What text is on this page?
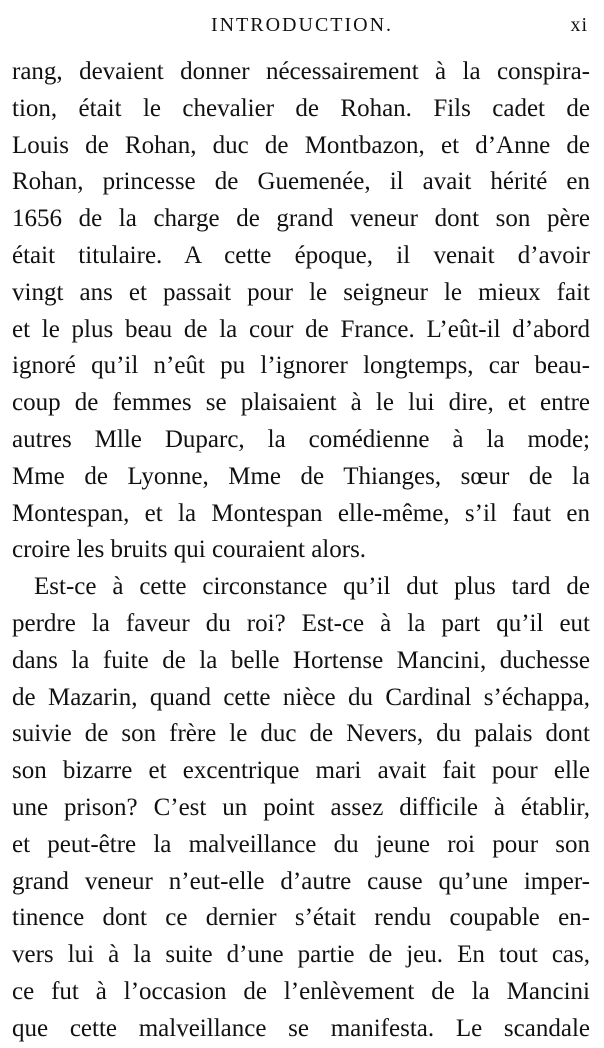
INTRODUCTION.	xi
rang, devaient donner nécessairement à la conspira-
tion, était le chevalier de Rohan. Fils cadet de
Louis de Rohan, duc de Montbazon, et d’Anne de
Rohan, princesse de Guemenée, il avait hérité en
1656 de la charge de grand veneur dont son père
était titulaire. A cette époque, il venait d’avoir
vingt ans et passait pour le seigneur le mieux fait
et le plus beau de la cour de France. L’eût-il d’abord
ignoré qu’il n’eût pu l’ignorer longtemps, car beau-
coup de femmes se plaisaient à le lui dire, et entre
autres Mlle Duparc, la comédienne à la mode;
Mme de Lyonne, Mme de Thianges, sœur de la
Montespan, et la Montespan elle-même, s’il faut en
croire les bruits qui couraient alors.
Est-ce à cette circonstance qu’il dut plus tard de
perdre la faveur du roi? Est-ce à la part qu’il eut
dans la fuite de la belle Hortense Mancini, duchesse
de Mazarin, quand cette nièce du Cardinal s’échappa,
suivie de son frère le duc de Nevers, du palais dont
son bizarre et excentrique mari avait fait pour elle
une prison? C’est un point assez difficile à établir,
et peut-être la malveillance du jeune roi pour son
grand veneur n’eut-elle d’autre cause qu’une imper-
tinence dont ce dernier s’était rendu coupable en-
vers lui à la suite d’une partie de jeu. En tout cas,
ce fut à l’occasion de l’enlèvement de la Mancini
que cette malveillance se manifesta. Le scandale
